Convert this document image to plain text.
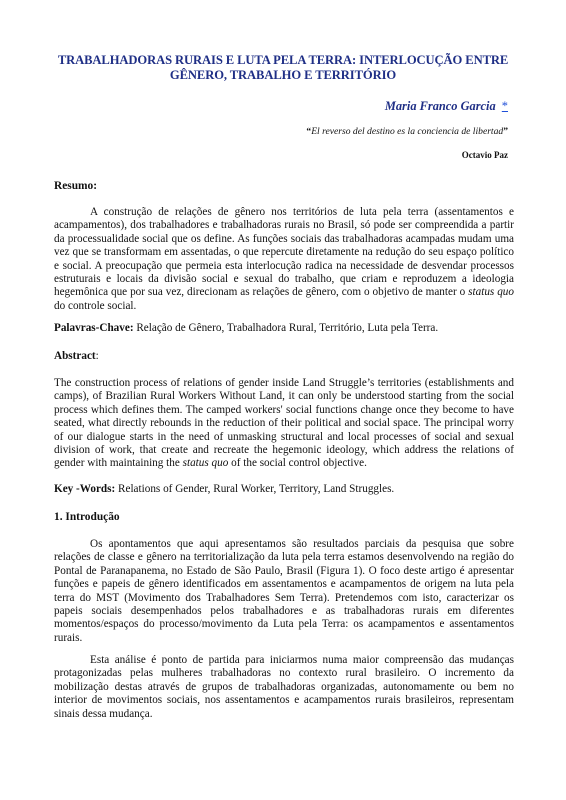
TRABALHADORAS RURAIS E LUTA PELA TERRA: INTERLOCUÇÃO ENTRE GÊNERO, TRABALHO E TERRITÓRIO
Maria Franco Garcia *
“El reverso del destino es la conciencia de libertad”
Octavio Paz
Resumo:
A construção de relações de gênero nos territórios de luta pela terra (assentamentos e acampamentos), dos trabalhadores e trabalhadoras rurais no Brasil, só pode ser compreendida a partir da processualidade social que os define. As funções sociais das trabalhadoras acampadas mudam uma vez que se transformam em assentadas, o que repercute diretamente na redução do seu espaço político e social. A preocupação que permeia esta interlocução radica na necessidade de desvendar processos estruturais e locais da divisão social e sexual do trabalho, que criam e reproduzem a ideologia hegemônica que por sua vez, direcionam as relações de gênero, com o objetivo de manter o status quo do controle social.
Palavras-Chave: Relação de Gênero, Trabalhadora Rural, Território, Luta pela Terra.
Abstract:
The construction process of relations of gender inside Land Struggle’s territories (establishments and camps), of Brazilian Rural Workers Without Land, it can only be understood starting from the social process which defines them. The camped workers' social functions change once they become to have seated, what directly rebounds in the reduction of their political and social space. The principal worry of our dialogue starts in the need of unmasking structural and local processes of social and sexual division of work, that create and recreate the hegemonic ideology, which address the relations of gender with maintaining the status quo of the social control objective.
Key -Words: Relations of Gender, Rural Worker, Territory, Land Struggles.
1. Introdução
Os apontamentos que aqui apresentamos são resultados parciais da pesquisa que sobre relações de classe e gênero na territorialização da luta pela terra estamos desenvolvendo na região do Pontal de Paranapanema, no Estado de São Paulo, Brasil (Figura 1). O foco deste artigo é apresentar funções e papeis de gênero identificados em assentamentos e acampamentos de origem na luta pela terra do MST (Movimento dos Trabalhadores Sem Terra). Pretendemos com isto, caracterizar os papeis sociais desempenhados pelos trabalhadores e as trabalhadoras rurais em diferentes momentos/espaços do processo/movimento da Luta pela Terra: os acampamentos e assentamentos rurais.
Esta análise é ponto de partida para iniciarmos numa maior compreensão das mudanças protagonizadas pelas mulheres trabalhadoras no contexto rural brasileiro. O incremento da mobilização destas através de grupos de trabalhadoras organizadas, autonomamente ou bem no interior de movimentos sociais, nos assentamentos e acampamentos rurais brasileiros, representam sinais dessa mudança.
